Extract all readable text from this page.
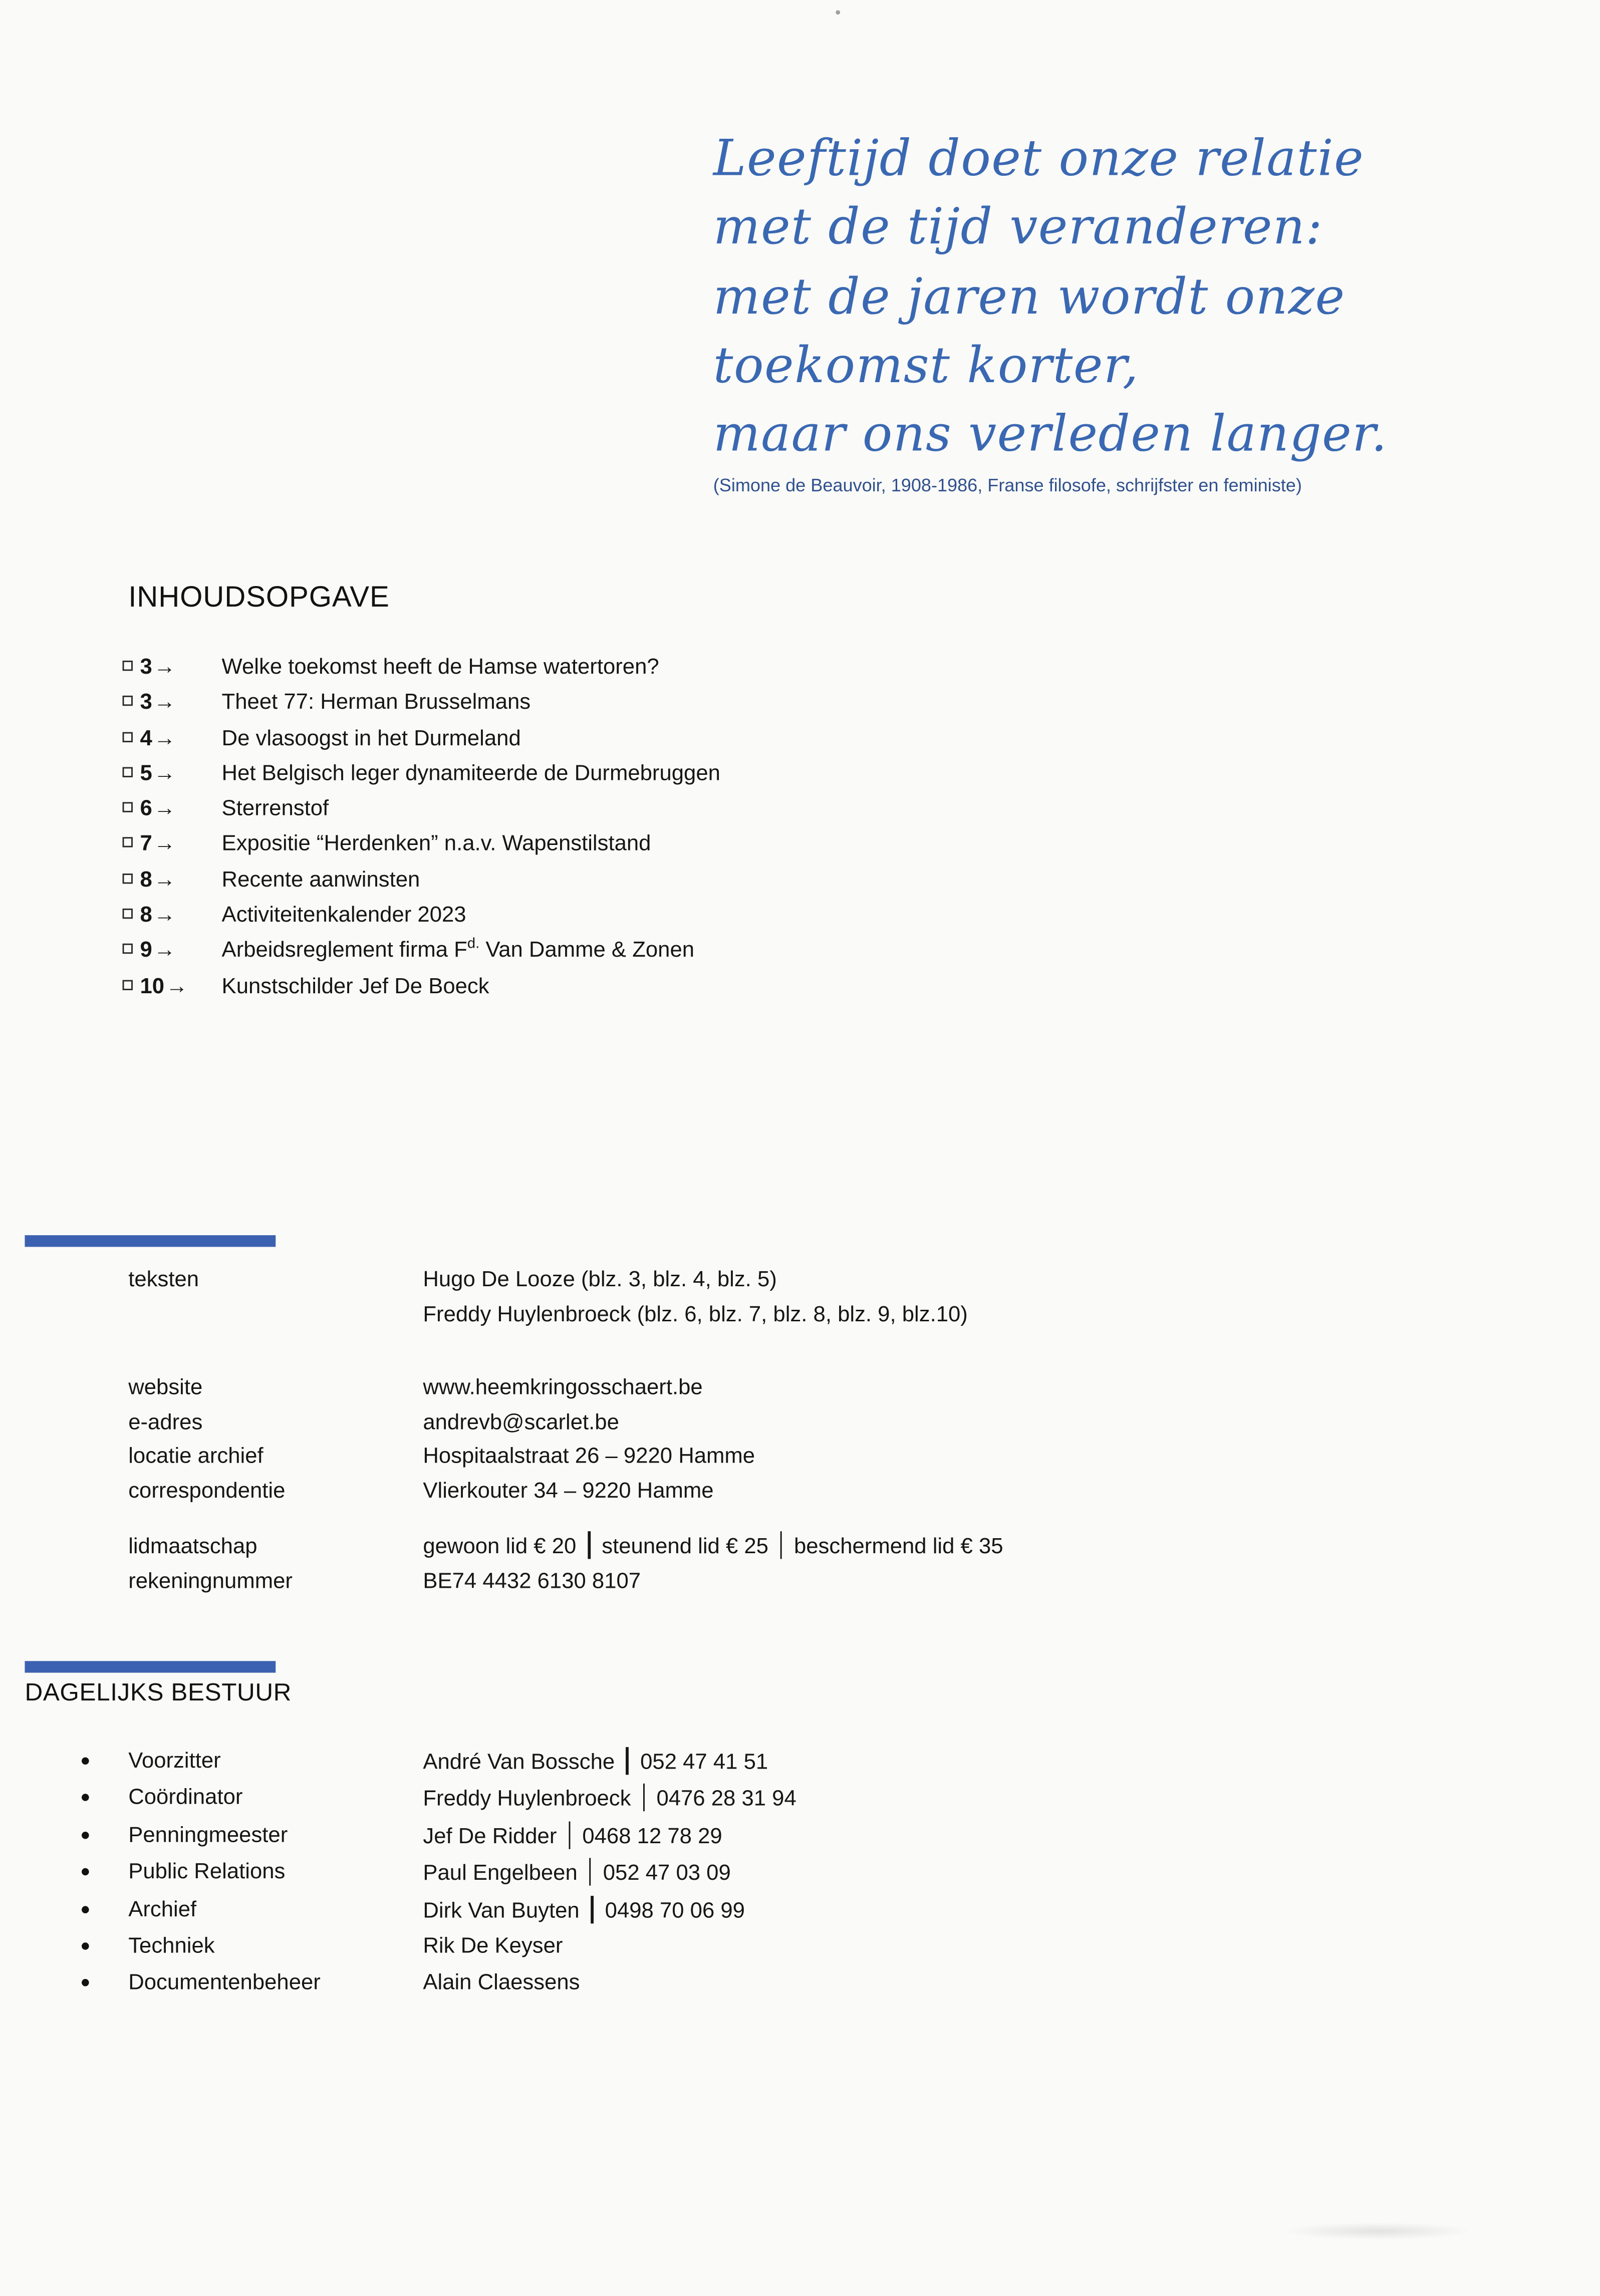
Leeftijd doet onze relatie
met de tijd veranderen:
met de jaren wordt onze
toekomst korter,
maar ons verleden langer.
(Simone de Beauvoir, 1908-1986, Franse filosofe, schrijfster en feministe)
INHOUDSOPGAVE
3 →	Welke toekomst heeft de Hamse watertoren?
3 →	Theet 77: Herman Brusselmans
4 →	De vlasoogst in het Durmeland
5 →	Het Belgisch leger dynamiteerde de Durmebruggen
6 →	Sterrenstof
7 →	Expositie “Herdenken” n.a.v. Wapenstilstand
8 →	Recente aanwinsten
8 →	Activiteitenkalender 2023
9 →	Arbeidsreglement firma $F^{d.}$ Van Damme & Zonen
10 →	Kunstschilder Jef De Boeck
teksten	Hugo De Looze (blz. 3, blz. 4, blz. 5)
Freddy Huylenbroeck (blz. 6, blz. 7, blz. 8, blz. 9, blz.10)
website	www.heemkringosschaert.be
e-adres	andrevb@scarlet.be
locatie archief	Hospitaalstraat 26 – 9220 Hamme
correspondentie	Vlierkouter 34 – 9220 Hamme
lidmaatschap	gewoon lid € 20	steunend lid € 25	beschermend lid € 35
rekeningnummer	BE74 4432 6130 8107
DAGELIJKS BESTUUR
Voorzitter	André Van Bossche	052 47 41 51
Coördinator	Freddy Huylenbroeck	0476 28 31 94
Penningmeester	Jef De Ridder	0468 12 78 29
Public Relations	Paul Engelbeen	052 47 03 09
Archief	Dirk Van Buyten	0498 70 06 99
Techniek	Rik De Keyser
Documentenbeheer	Alain Claessens
